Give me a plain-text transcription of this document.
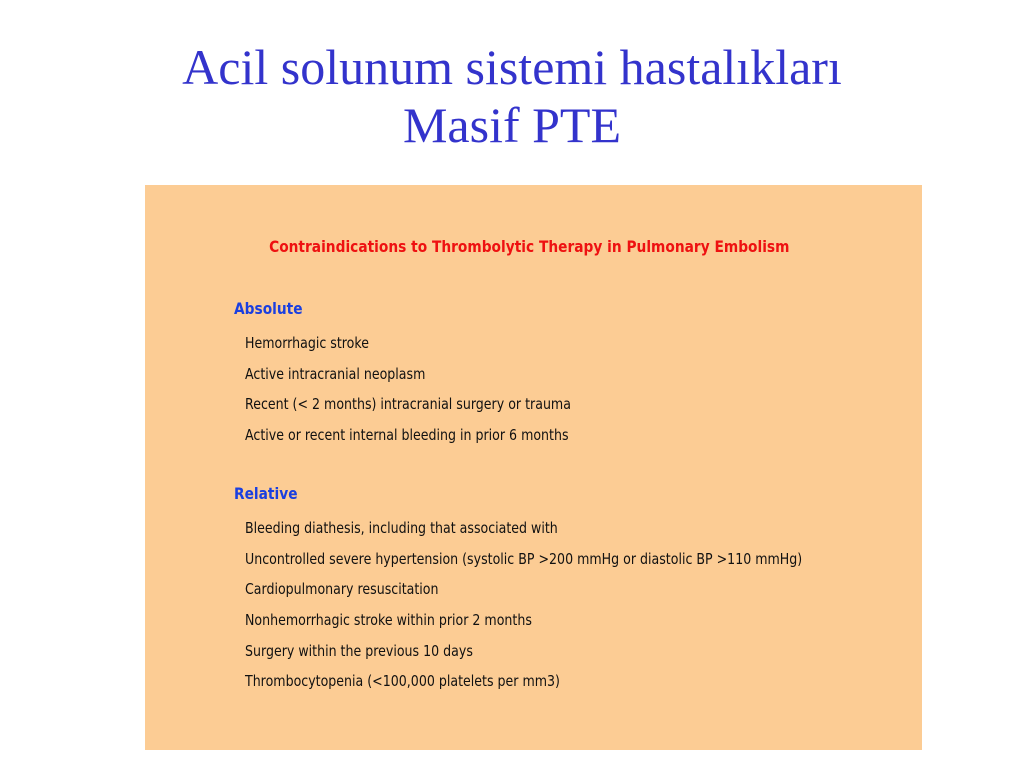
Acil solunum sistemi hastalıkları
Masif PTE
Contraindications to Thrombolytic Therapy in Pulmonary Embolism
Absolute
Hemorrhagic stroke
Active intracranial neoplasm
Recent (< 2 months) intracranial surgery or trauma
Active or recent internal bleeding in prior 6 months
Relative
Bleeding diathesis, including that associated with
Uncontrolled severe hypertension (systolic BP >200 mmHg or diastolic BP >110 mmHg)
Cardiopulmonary resuscitation
Nonhemorrhagic stroke within prior 2 months
Surgery within the previous 10 days
Thrombocytopenia (<100,000 platelets per mm3)
